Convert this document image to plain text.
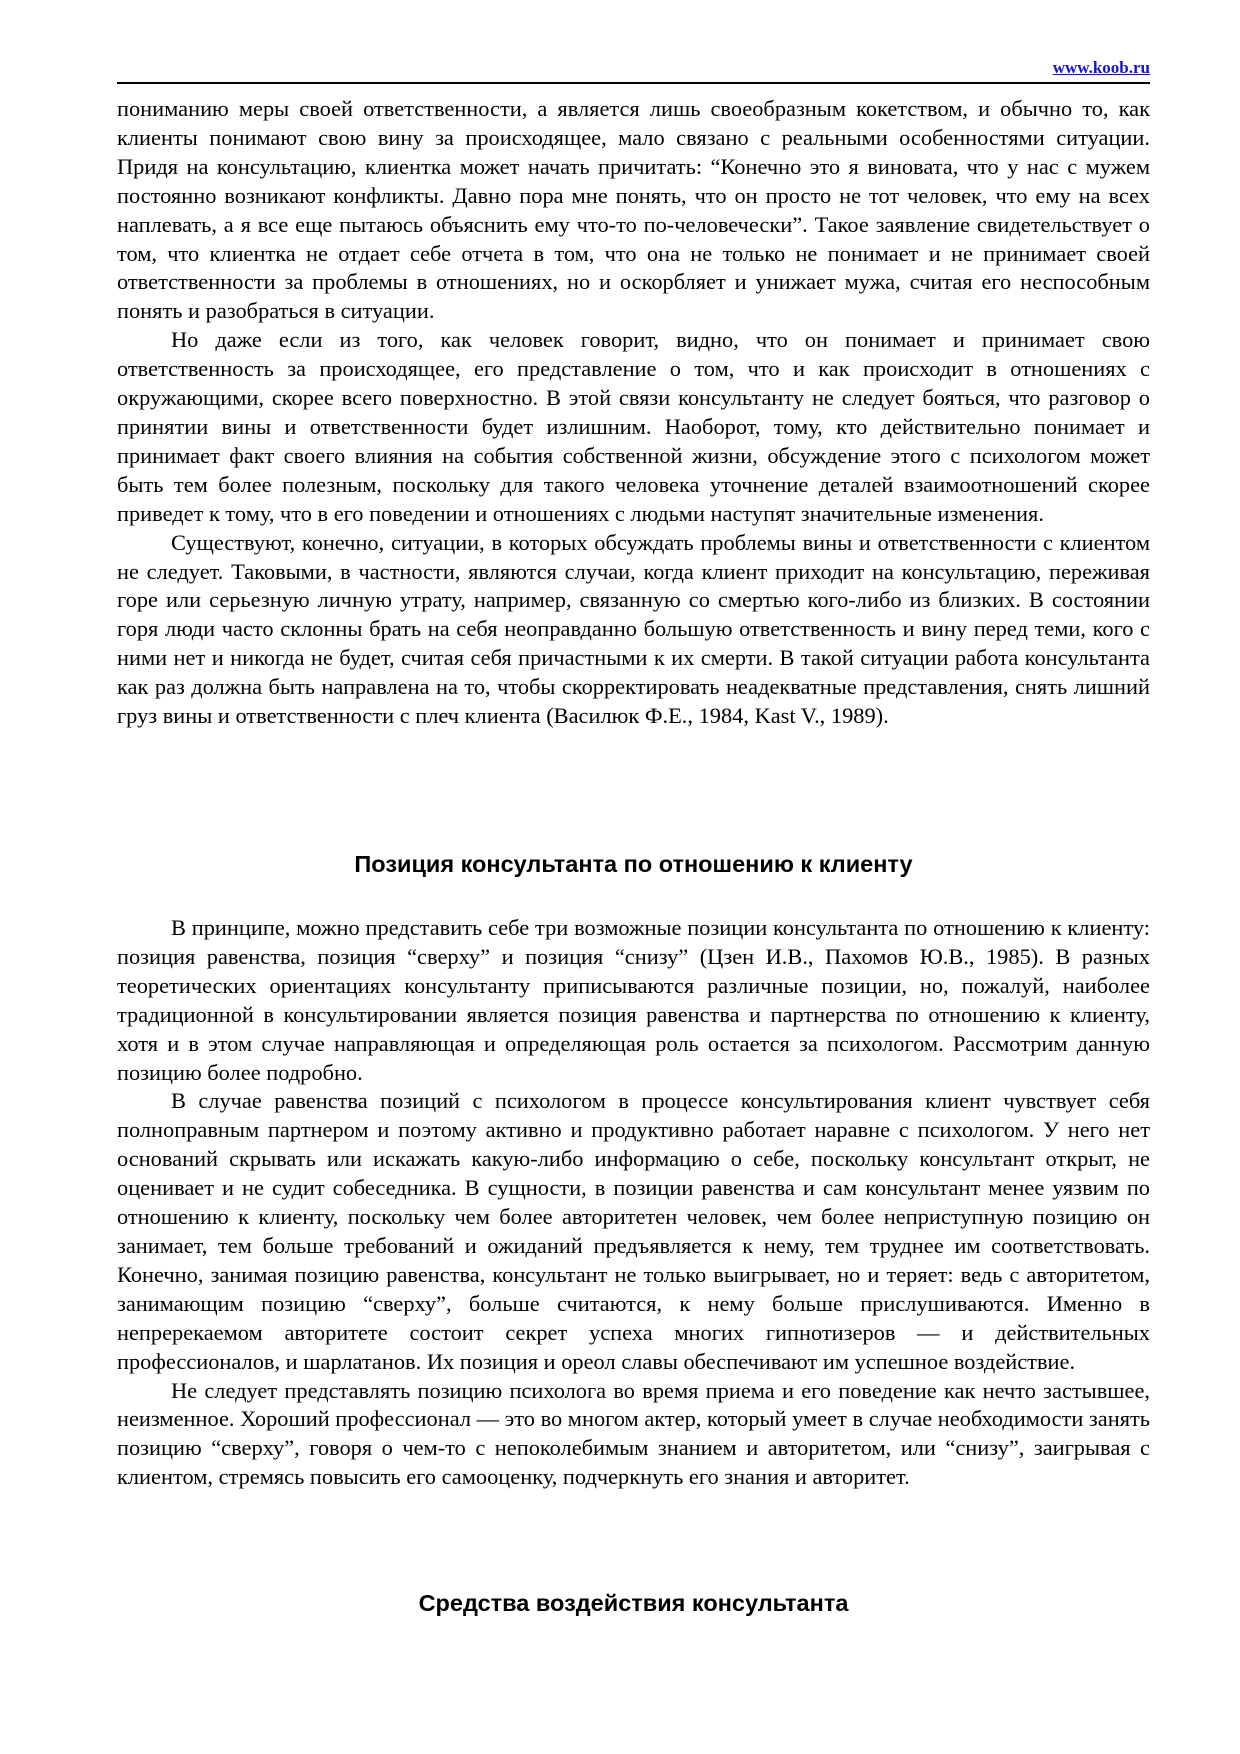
www.koob.ru

пониманию меры своей ответственности, а является лишь своеобразным кокетством, и обычно то, как клиенты понимают свою вину за происходящее, мало связано с реальными особенностями ситуации. Придя на консультацию, клиентка может начать причитать: “Конечно это я виновата, что у нас с мужем постоянно возникают конфликты. Давно пора мне понять, что он просто не тот человек, что ему на всех наплевать, а я все еще пытаюсь объяснить ему что-то по-человечески”. Такое заявление свидетельствует о том, что клиентка не отдает себе отчета в том, что она не только не понимает и не принимает своей ответственности за проблемы в отношениях, но и оскорбляет и унижает мужа, считая его неспособным понять и разобраться в ситуации.

Но даже если из того, как человек говорит, видно, что он понимает и принимает свою ответственность за происходящее, его представление о том, что и как происходит в отношениях с окружающими, скорее всего поверхностно. В этой связи консультанту не следует бояться, что разговор о принятии вины и ответственности будет излишним. Наоборот, тому, кто действительно понимает и принимает факт своего влияния на события собственной жизни, обсуждение этого с психологом может быть тем более полезным, поскольку для такого человека уточнение деталей взаимоотношений скорее приведет к тому, что в его поведении и отношениях с людьми наступят значительные изменения.

Существуют, конечно, ситуации, в которых обсуждать проблемы вины и ответственности с клиентом не следует. Таковыми, в частности, являются случаи, когда клиент приходит на консультацию, переживая горе или серьезную личную утрату, например, связанную со смертью кого-либо из близких. В состоянии горя люди часто склонны брать на себя неоправданно большую ответственность и вину перед теми, кого с ними нет и никогда не будет, считая себя причастными к их смерти. В такой ситуации работа консультанта как раз должна быть направлена на то, чтобы скорректировать неадекватные представления, снять лишний груз вины и ответственности с плеч клиента (Василюк Ф.Е., 1984, Kast V., 1989).

Позиция консультанта по отношению к клиенту

В принципе, можно представить себе три возможные позиции консультанта по отношению к клиенту: позиция равенства, позиция “сверху” и позиция “снизу” (Цзен И.В., Пахомов Ю.В., 1985). В разных теоретических ориентациях консультанту приписываются различные позиции, но, пожалуй, наиболее традиционной в консультировании является позиция равенства и партнерства по отношению к клиенту, хотя и в этом случае направляющая и определяющая роль остается за психологом. Рассмотрим данную позицию более подробно.

В случае равенства позиций с психологом в процессе консультирования клиент чувствует себя полноправным партнером и поэтому активно и продуктивно работает наравне с психологом. У него нет оснований скрывать или искажать какую-либо информацию о себе, поскольку консультант открыт, не оценивает и не судит собеседника. В сущности, в позиции равенства и сам консультант менее уязвим по отношению к клиенту, поскольку чем более авторитетен человек, чем более неприступную позицию он занимает, тем больше требований и ожиданий предъявляется к нему, тем труднее им соответствовать. Конечно, занимая позицию равенства, консультант не только выигрывает, но и теряет: ведь с авторитетом, занимающим позицию “сверху”, больше считаются, к нему больше прислушиваются. Именно в непререкаемом авторитете состоит секрет успеха многих гипнотизеров — и действительных профессионалов, и шарлатанов. Их позиция и ореол славы обеспечивают им успешное воздействие.

Не следует представлять позицию психолога во время приема и его поведение как нечто застывшее, неизменное. Хороший профессионал — это во многом актер, который умеет в случае необходимости занять позицию “сверху”, говоря о чем-то с непоколебимым знанием и авторитетом, или “снизу”, заигрывая с клиентом, стремясь повысить его самооценку, подчеркнуть его знания и авторитет.

Средства воздействия консультанта
